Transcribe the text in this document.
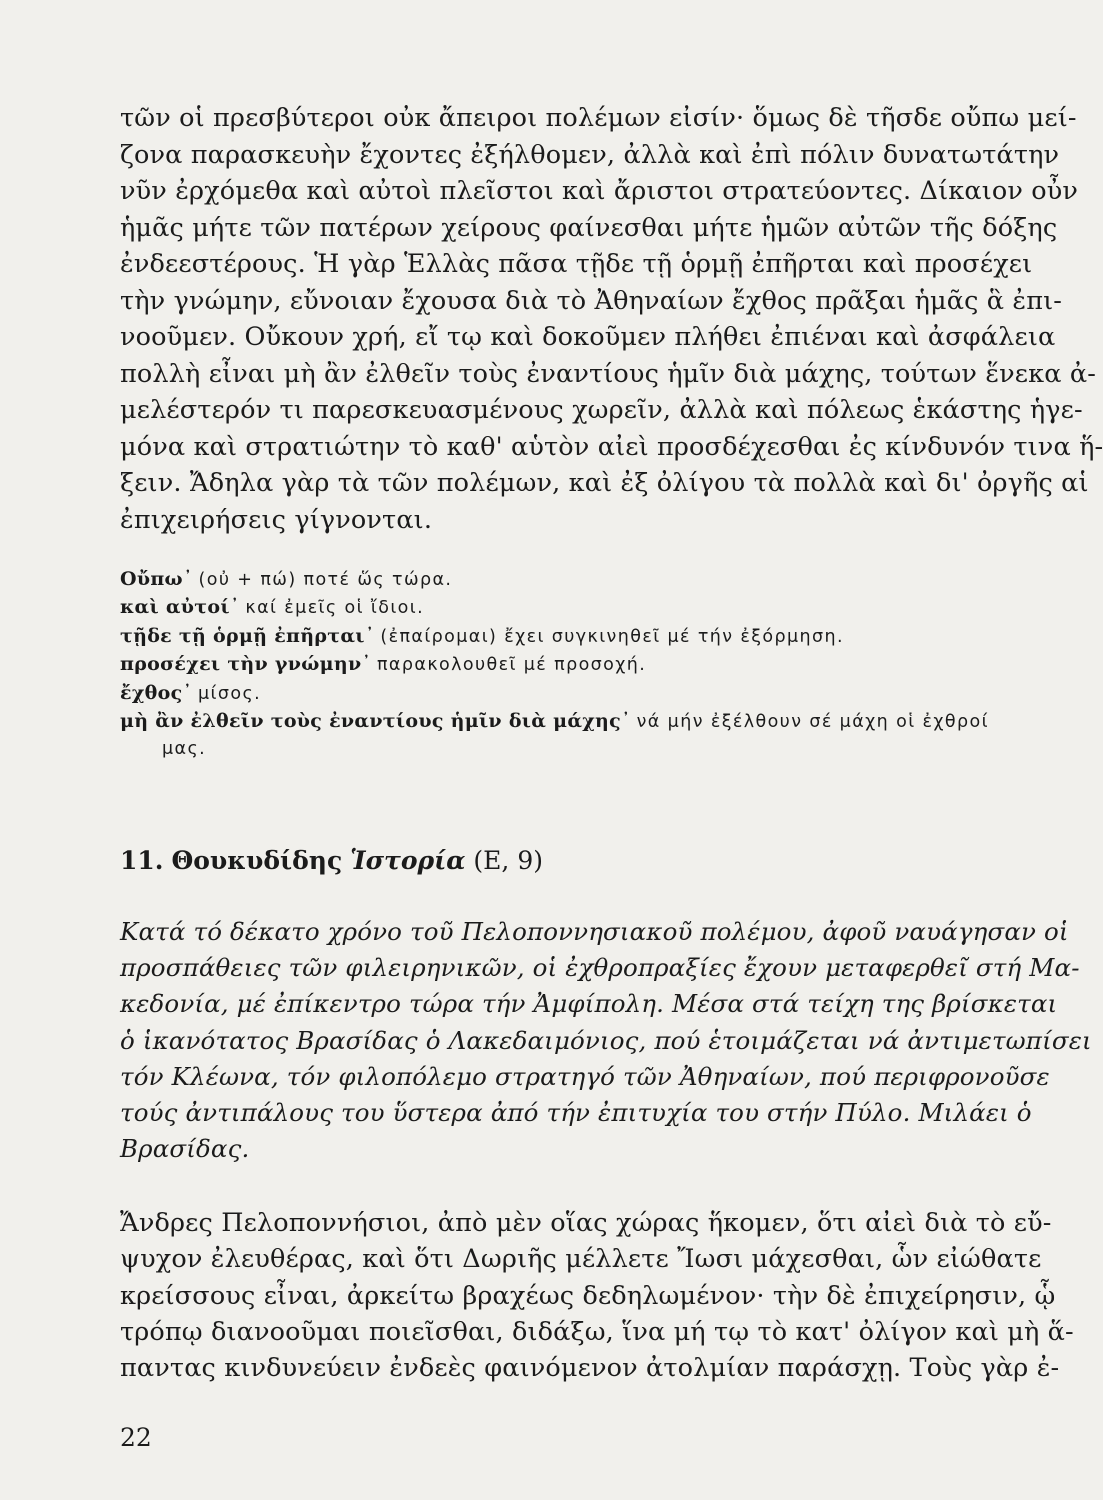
τῶν οἱ πρεσβύτεροι οὐκ ἄπειροι πολέμων εἰσίν· ὅμως δὲ τῆσδε οὔπω μεί-
ζονα παρασκευὴν ἔχοντες ἐξήλθομεν, ἀλλὰ καὶ ἐπὶ πόλιν δυνατωτάτην
νῦν ἐρχόμεθα καὶ αὐτοὶ πλεῖστοι καὶ ἄριστοι στρατεύοντες. Δίκαιον οὖν
ἡμᾶς μήτε τῶν πατέρων χείρους φαίνεσθαι μήτε ἡμῶν αὐτῶν τῆς δόξης
ἐνδεεστέρους. Ἡ γὰρ Ἑλλὰς πᾶσα τῇδε τῇ ὁρμῇ ἐπῆρται καὶ προσέχει
τὴν γνώμην, εὔνοιαν ἔχουσα διὰ τὸ Ἀθηναίων ἔχθος πρᾶξαι ἡμᾶς ἃ ἐπι-
νοοῦμεν. Οὔκουν χρή, εἴ τῳ καὶ δοκοῦμεν πλήθει ἐπιέναι καὶ ἀσφάλεια
πολλὴ εἶναι μὴ ἂν ἐλθεῖν τοὺς ἐναντίους ἡμῖν διὰ μάχης, τούτων ἕνεκα ἀ-
μελέστερόν τι παρεσκευασμένους χωρεῖν, ἀλλὰ καὶ πόλεως ἑκάστης ἡγε-
μόνα καὶ στρατιώτην τὸ καθ' αὑτὸν αἰεὶ προσδέχεσθαι ἐς κίνδυνόν τινα ἥ-
ξειν. Ἄδηλα γὰρ τὰ τῶν πολέμων, καὶ ἐξ ὀλίγου τὰ πολλὰ καὶ δι' ὀργῆς αἱ
ἐπιχειρήσεις γίγνονται.
Οὔπω᾿ (οὐ + πώ) ποτέ ὥς τώρα.
καὶ αὐτοί᾿ καί ἐμεῖς οἱ ἴδιοι.
τῇδε τῇ ὁρμῇ ἐπῆρται᾿ (ἐπαίρομαι) ἔχει συγκινηθεῖ μέ τήν ἐξόρμηση.
προσέχει τὴν γνώμην᾿ παρακολουθεῖ μέ προσοχή.
ἔχθος᾿ μίσος.
μὴ ἂν ἐλθεῖν τοὺς ἐναντίους ἡμῖν διὰ μάχης᾿ νά μήν ἐξέλθουν σέ μάχη οἱ ἐχθροί
μας.
11. Θουκυδίδης Ἱστορία (Ε, 9)
Κατά τό δέκατο χρόνο τοῦ Πελοποννησιακοῦ πολέμου, ἀφοῦ ναυάγησαν οἱ
προσπάθειες τῶν φιλειρηνικῶν, οἱ ἐχθροπραξίες ἔχουν μεταφερθεῖ στή Μα-
κεδονία, μέ ἐπίκεντρο τώρα τήν Ἀμφίπολη. Μέσα στά τείχη της βρίσκεται
ὁ ἱκανότατος Βρασίδας ὁ Λακεδαιμόνιος, πού ἑτοιμάζεται νά ἀντιμετωπίσει
τόν Κλέωνα, τόν φιλοπόλεμο στρατηγό τῶν Ἀθηναίων, πού περιφρονοῦσε
τούς ἀντιπάλους του ὕστερα ἀπό τήν ἐπιτυχία του στήν Πύλο. Μιλάει ὁ
Βρασίδας.
Ἄνδρες Πελοποννήσιοι, ἀπὸ μὲν οἵας χώρας ἥκομεν, ὅτι αἰεὶ διὰ τὸ εὔ-
ψυχον ἐλευθέρας, καὶ ὅτι Δωριῆς μέλλετε Ἴωσι μάχεσθαι, ὧν εἰώθατε
κρείσσους εἶναι, ἀρκείτω βραχέως δεδηλωμένον· τὴν δὲ ἐπιχείρησιν, ᾧ
τρόπῳ διανοοῦμαι ποιεῖσθαι, διδάξω, ἵνα μή τῳ τὸ κατ' ὀλίγον καὶ μὴ ἅ-
παντας κινδυνεύειν ἐνδεὲς φαινόμενον ἀτολμίαν παράσχῃ. Τοὺς γὰρ ἐ-
22
